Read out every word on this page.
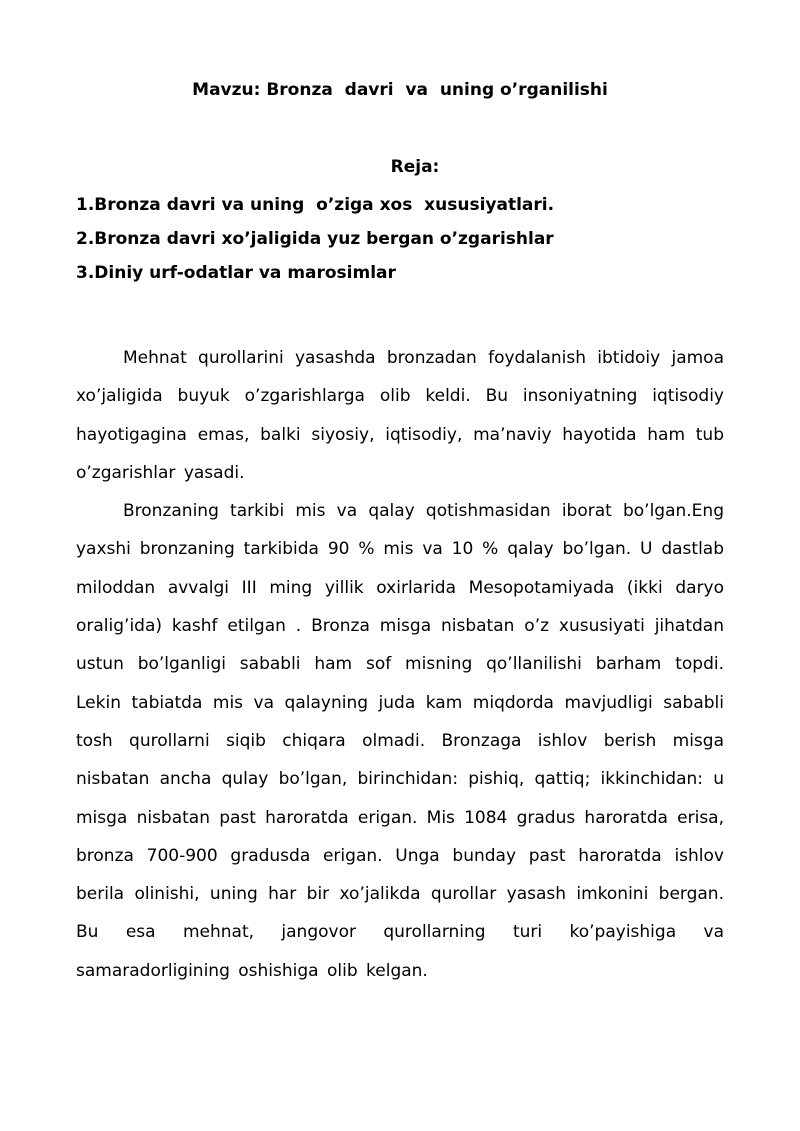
Mavzu: Bronza  davri  va  uning o’rganilishi
Reja:
1.Bronza davri va uning  o’ziga xos  xususiyatlari.
2.Bronza davri xo’jaligida yuz bergan o’zgarishlar
3.Diniy urf-odatlar va marosimlar

Mehnat qurollarini yasashda bronzadan foydalanish ibtidoiy jamoa xo’jaligida buyuk o’zgarishlarga olib keldi. Bu insoniyatning iqtisodiy hayotigagina emas, balki siyosiy, iqtisodiy, ma’naviy hayotida ham tub o’zgarishlar yasadi.

Bronzaning tarkibi mis va qalay qotishmasidan iborat bo’lgan.Eng yaxshi bronzaning tarkibida 90 % mis va 10 % qalay bo’lgan. U dastlab miloddan avvalgi III ming yillik oxirlarida Mesopotamiyada (ikki daryo oralig’ida) kashf etilgan . Bronza misga nisbatan o’z xususiyati jihatdan ustun bo’lganligi sababli ham sof misning qo’llanilishi barham topdi. Lekin tabiatda mis va qalayning juda kam miqdorda mavjudligi sababli tosh qurollarni siqib chiqara olmadi. Bronzaga ishlov berish misga nisbatan ancha qulay bo’lgan, birinchidan: pishiq, qattiq; ikkinchidan: u misga nisbatan past haroratda erigan. Mis 1084 gradus haroratda erisa, bronza 700-900 gradusda erigan. Unga bunday past haroratda ishlov berila olinishi, uning har bir xo’jalikda qurollar yasash imkonini bergan. Bu esa mehnat, jangovor qurollarning turi ko’payishiga va samaradorligining oshishiga olib kelgan.
